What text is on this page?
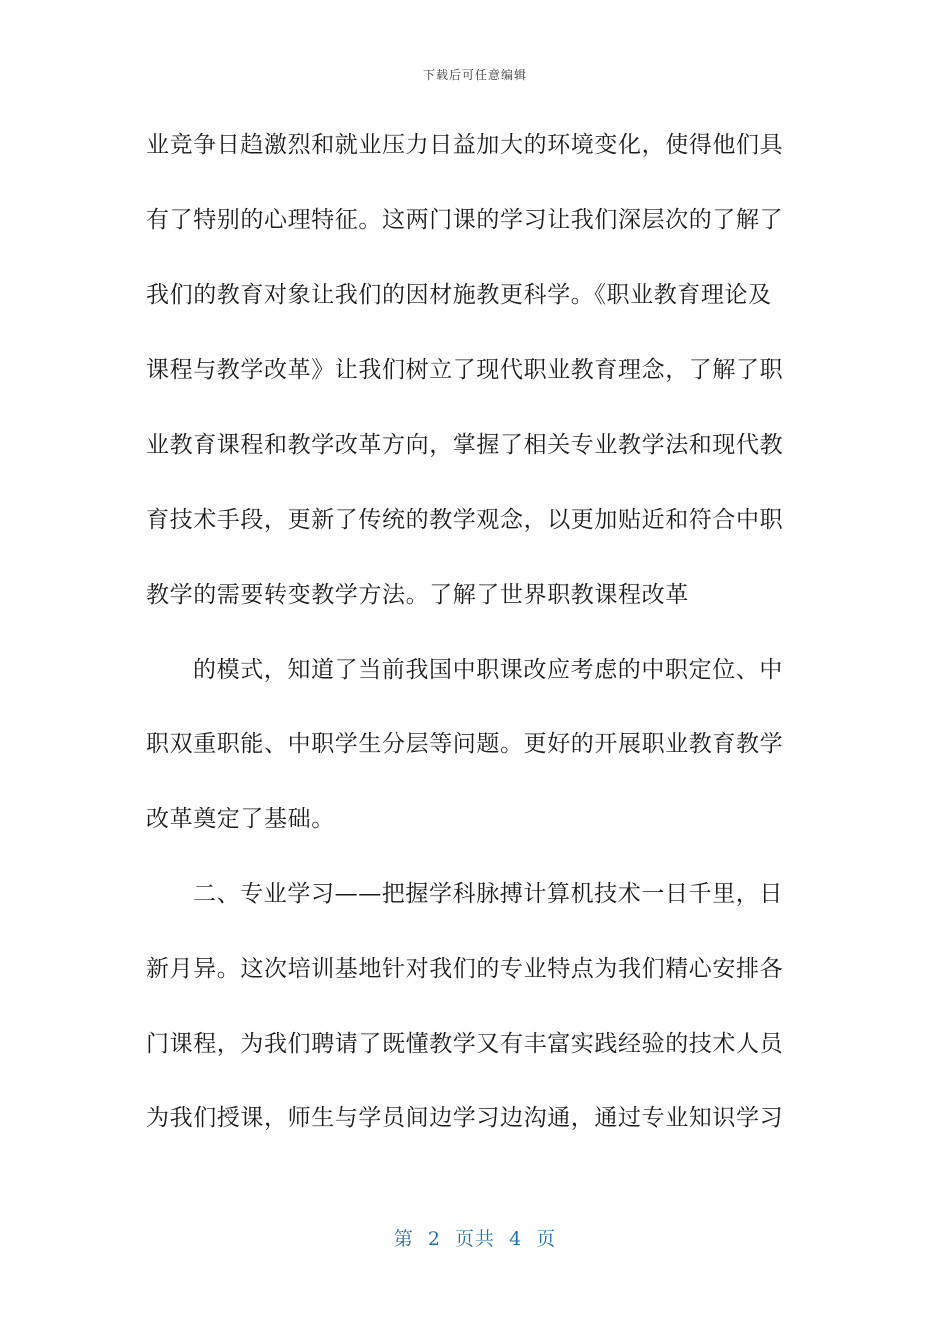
下载后可任意编辑
业竞争日趋激烈和就业压力日益加大的环境变化，使得他们具
有了特别的心理特征。这两门课的学习让我们深层次的了解了
我们的教育对象让我们的因材施教更科学。《职业教育理论及
课程与教学改革》让我们树立了现代职业教育理念，了解了职
业教育课程和教学改革方向，掌握了相关专业教学法和现代教
育技术手段，更新了传统的教学观念，以更加贴近和符合中职
教学的需要转变教学方法。了解了世界职教课程改革
的模式，知道了当前我国中职课改应考虑的中职定位、中
职双重职能、中职学生分层等问题。更好的开展职业教育教学
改革奠定了基础。
二、专业学习——把握学科脉搏计算机技术一日千里，日
新月异。这次培训基地针对我们的专业特点为我们精心安排各
门课程，为我们聘请了既懂教学又有丰富实践经验的技术人员
为我们授课，师生与学员间边学习边沟通，通过专业知识学习
第  2  页共  4  页
